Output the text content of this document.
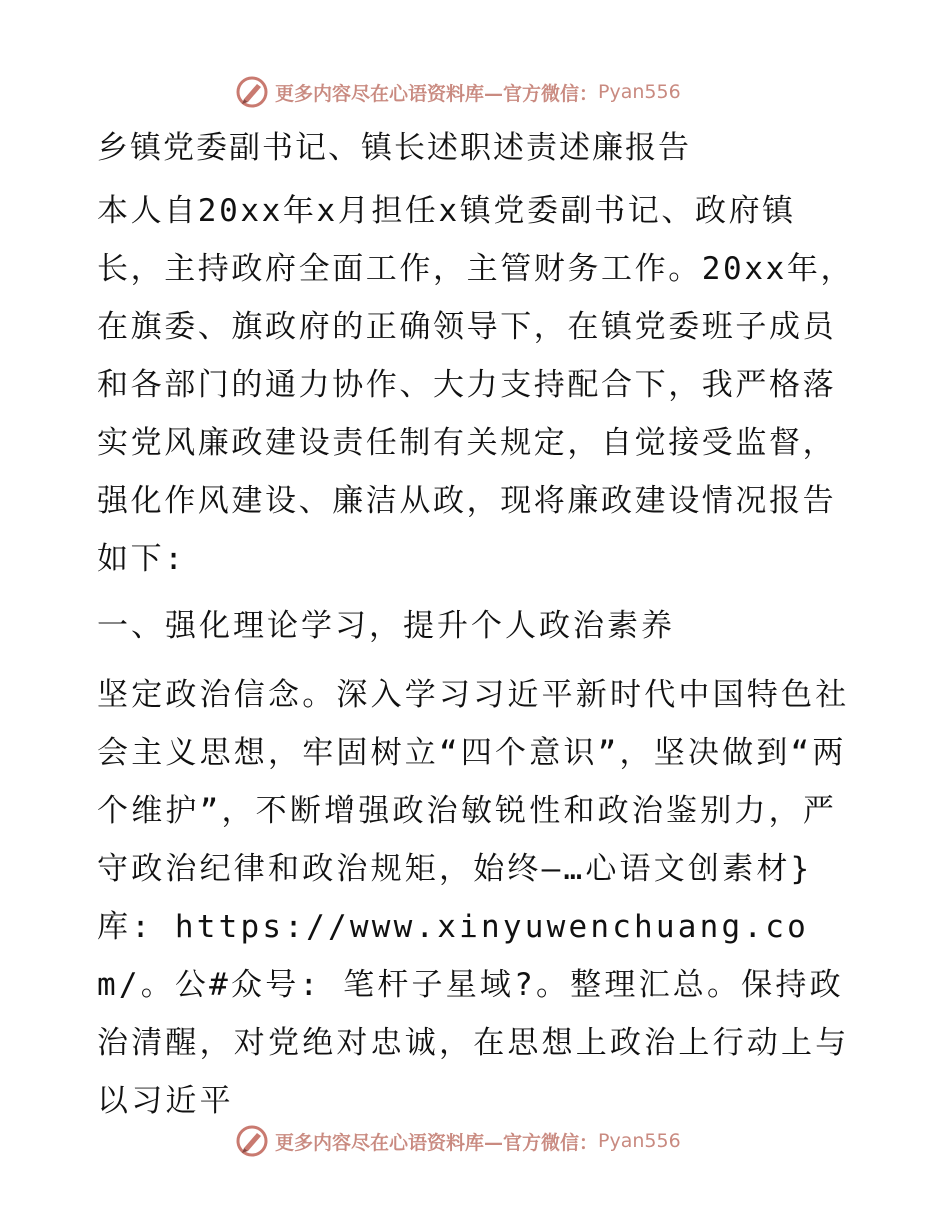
更多内容尽在心语资料库—官方微信： Pyan556
乡镇党委副书记、镇长述职述责述廉报告
本人自20xx年x月担任x镇党委副书记、政府镇长，主持政府全面工作，主管财务工作。20xx年，在旗委、旗政府的正确领导下，在镇党委班子成员和各部门的通力协作、大力支持配合下，我严格落实党风廉政建设责任制有关规定，自觉接受监督，强化作风建设、廉洁从政，现将廉政建设情况报告如下:
一、强化理论学习，提升个人政治素养
坚定政治信念。深入学习习近平新时代中国特色社会主义思想，牢固树立“四个意识”，坚决做到“两个维护”，不断增强政治敏锐性和政治鉴别力，严守政治纪律和政治规矩，始终—…心语文创素材}库: https://www.xinyuwenchuang.com/。公#众号: 笔杆子星域?。整理汇总。保持政治清醒，对党绝对忠诚，在思想上政治上行动上与以习近平
更多内容尽在心语资料库—官方微信： Pyan556
